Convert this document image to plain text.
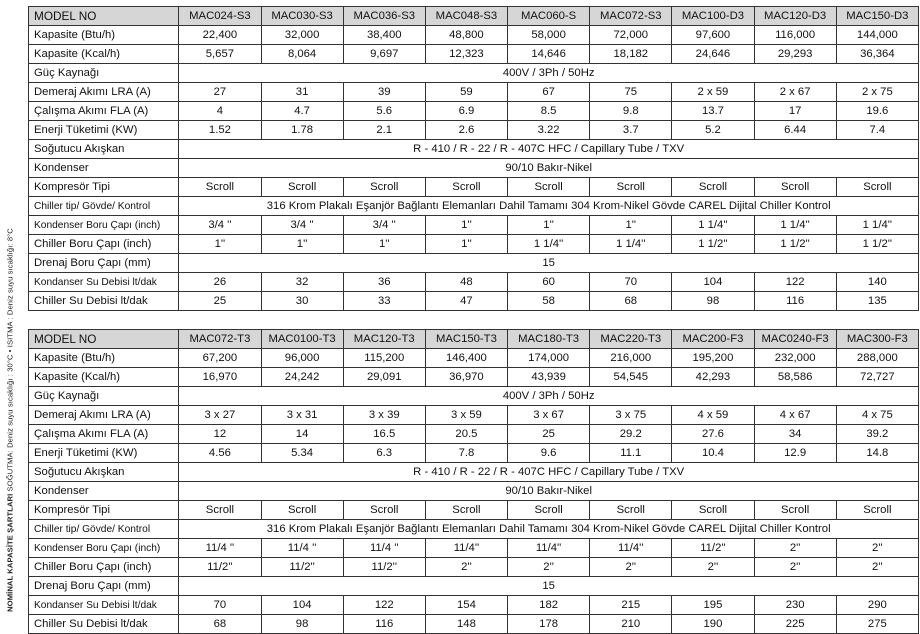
NOMİNAL KAPASİTE ŞARTLARI SOĞUTMA: Deniz suyu sıcaklığı : 30°C • ISITMA : Deniz suyu sıcaklığı: 8°C
MODEL NO	MAC024-S3	MAC030-S3	MAC036-S3	MAC048-S3	MAC060-S	MAC072-S3	MAC100-D3	MAC120-D3	MAC150-D3
Kapasite (Btu/h)	22,400	32,000	38,400	48,800	58,000	72,000	97,600	116,000	144,000
Kapasite (Kcal/h)	5,657	8,064	9,697	12,323	14,646	18,182	24,646	29,293	36,364
Güç Kaynağı	400V / 3Ph / 50Hz								
Demeraj Akımı LRA (A)	27	31	39	59	67	75	2 x 59	2 x 67	2 x 75
Çalışma Akımı FLA (A)	4	4.7	5.6	6.9	8.5	9.8	13.7	17	19.6
Enerji Tüketimi (KW)	1.52	1.78	2.1	2.6	3.22	3.7	5.2	6.44	7.4
Soğutucu Akışkan	R - 410 / R - 22 / R - 407C HFC / Capillary Tube / TXV								
Kondenser	90/10 Bakır-Nikel								
Kompresör Tipi	Scroll	Scroll	Scroll	Scroll	Scroll	Scroll	Scroll	Scroll	Scroll
Chiller tip/ Gövde/ Kontrol	316 Krom Plakalı Eşanjör Bağlantı Elemanları Dahil Tamamı 304 Krom-Nikel Gövde CAREL Dijital Chiller Kontrol								
Kondenser Boru Çapı (inch)	3/4 ''	3/4 ''	3/4 ''	1''	1''	1''	1 1/4''	1 1/4''	1 1/4''
Chiller Boru Çapı (inch)	1''	1''	1''	1''	1 1/4''	1 1/4''	1 1/2''	1 1/2''	1 1/2''
Drenaj Boru Çapı (mm)	15								
Kondanser Su Debisi lt/dak	26	32	36	48	60	70	104	122	140
Chiller Su Debisi lt/dak	25	30	33	47	58	68	98	116	135
MODEL NO	MAC072-T3	MAC0100-T3	MAC120-T3	MAC150-T3	MAC180-T3	MAC220-T3	MAC200-F3	MAC0240-F3	MAC300-F3
Kapasite (Btu/h)	67,200	96,000	115,200	146,400	174,000	216,000	195,200	232,000	288,000
Kapasite (Kcal/h)	16,970	24,242	29,091	36,970	43,939	54,545	42,293	58,586	72,727
Güç Kaynağı	400V / 3Ph / 50Hz								
Demeraj Akımı LRA (A)	3 x 27	3 x 31	3 x 39	3 x 59	3 x 67	3 x 75	4 x 59	4 x 67	4 x 75
Çalışma Akımı FLA (A)	12	14	16.5	20.5	25	29.2	27.6	34	39.2
Enerji Tüketimi (KW)	4.56	5.34	6.3	7.8	9.6	11.1	10.4	12.9	14.8
Soğutucu Akışkan	R - 410 / R - 22 / R - 407C HFC / Capillary Tube / TXV								
Kondenser	90/10 Bakır-Nikel								
Kompresör Tipi	Scroll	Scroll	Scroll	Scroll	Scroll	Scroll	Scroll	Scroll	Scroll
Chiller tip/ Gövde/ Kontrol	316 Krom Plakalı Eşanjör Bağlantı Elemanları Dahil Tamamı 304 Krom-Nikel Gövde CAREL Dijital Chiller Kontrol								
Kondenser Boru Çapı (inch)	11/4 ''	11/4 ''	11/4 ''	11/4''	11/4''	11/4''	11/2''	2''	2''
Chiller Boru Çapı (inch)	11/2''	11/2''	11/2''	2''	2''	2''	2''	2''	2''
Drenaj Boru Çapı (mm)	15								
Kondanser Su Debisi lt/dak	70	104	122	154	182	215	195	230	290
Chiller Su Debisi lt/dak	68	98	116	148	178	210	190	225	275
